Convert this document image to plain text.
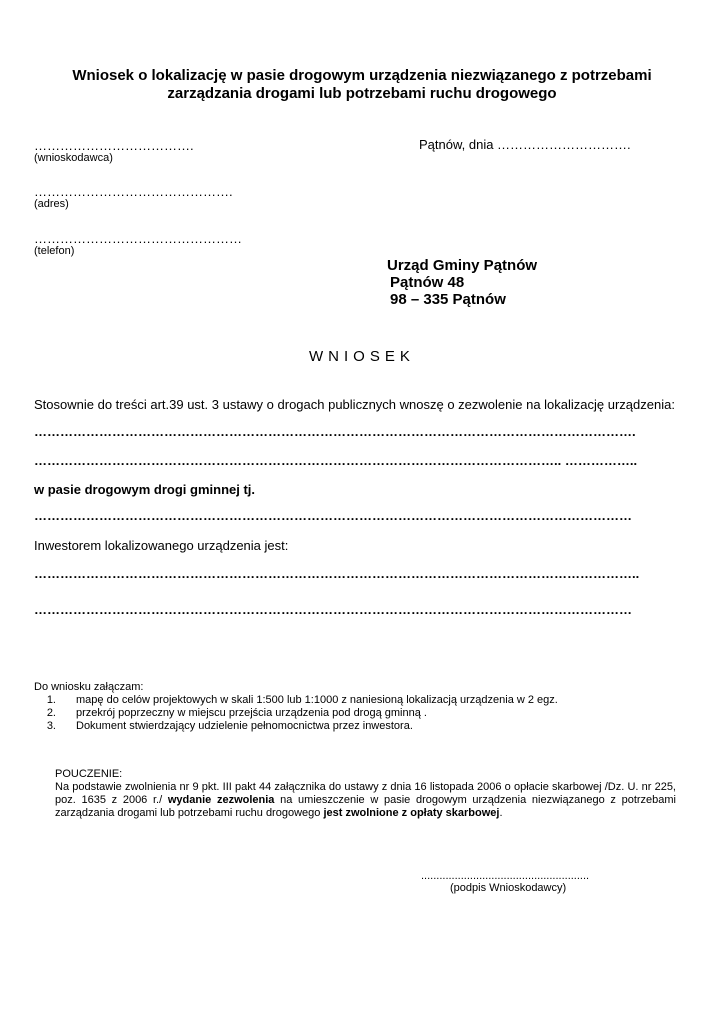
Wniosek o lokalizację w pasie drogowym urządzenia niezwiązanego z potrzebami
zarządzania drogami lub potrzebami ruchu drogowego
……………………………….
(wnioskodawca)
Pątnów, dnia ………………………….
……………………………………….
(adres)
…………………………………………
(telefon)
Urząd Gminy Pątnów
Pątnów 48
98 – 335 Pątnów
WNIOSEK
Stosownie do treści art.39 ust. 3 ustawy o drogach publicznych wnoszę o zezwolenie na lokalizację urządzenia:
………………………………………………………………………………………………………………………….
………………………………………………………………………………………………………….. ……………..
w pasie drogowym drogi gminnej tj.
…………………………………………………………………………………………………………………………
Inwestorem lokalizowanego urządzenia jest:
…………………………………………………………………………………………………………………………..
…………………………………………………………………………………………………………………………
Do wniosku załączam:
1.	mapę do celów projektowych w skali 1:500 lub 1:1000 z naniesioną lokalizacją urządzenia w 2 egz.
2.	przekrój poprzeczny w miejscu przejścia urządzenia pod drogą gminną .
3.	Dokument stwierdzający udzielenie pełnomocnictwa przez inwestora.

POUCZENIE:

Na podstawie zwolnienia nr 9 pkt. III pakt 44 załącznika do ustawy z dnia 16 listopada 2006 o opłacie skarbowej /Dz. U. nr 225, poz. 1635 z 2006 r./ wydanie zezwolenia na umieszczenie w pasie drogowym urządzenia niezwiązanego z potrzebami zarządzania drogami lub potrzebami ruchu drogowego jest zwolnione z opłaty skarbowej.

.......................................................
(podpis Wnioskodawcy)
